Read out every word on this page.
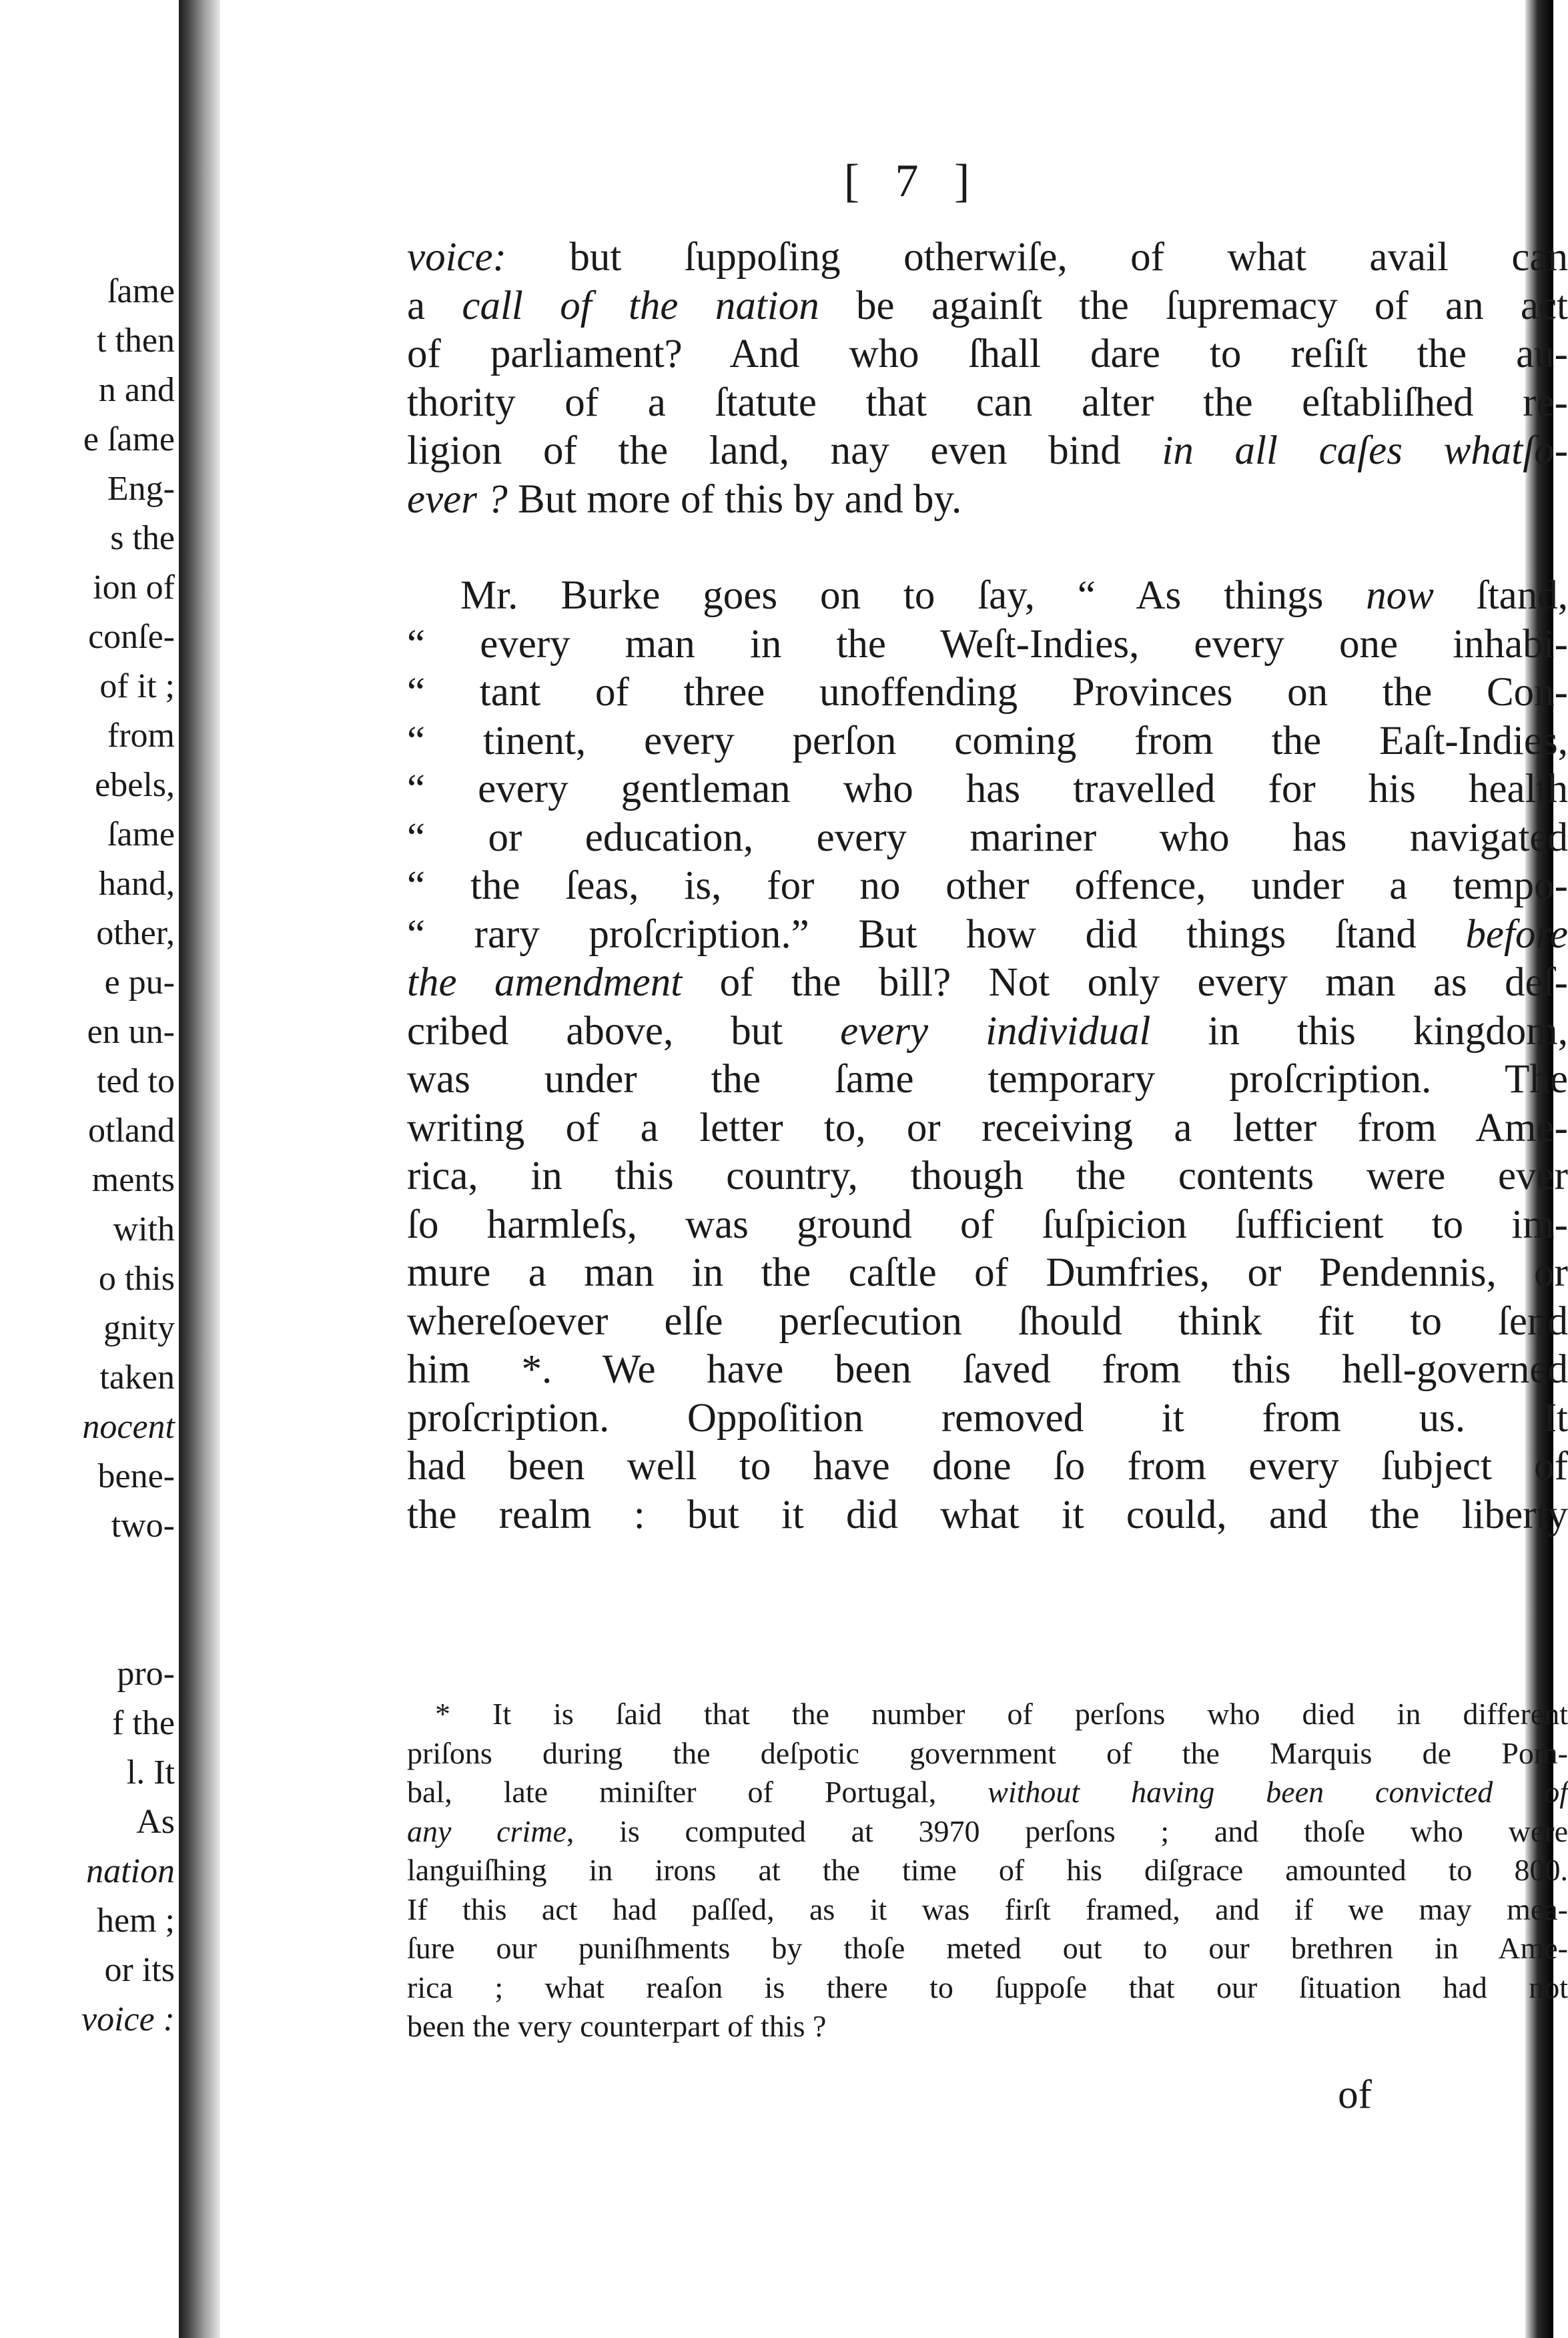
ſame
t then
n and
e ſame
Eng-
s the
ion of
conſe-
of it ;
from
ebels,
ſame
hand,
other,
e pu-
en un-
ted to
otland
ments
with
o this
gnity
taken
nocent
bene-
two-
pro-
f the
l. It
As
nation
hem ;
or its
voice :
[ 7 ]
voice: but ſuppoſing otherwiſe, of what avail can
a call of the nation be againſt the ſupremacy of an act
of parliament? And who ſhall dare to reſiſt the au-
thority of a ſtatute that can alter the eſtabliſhed re-
ligion of the land, nay even bind in all caſes whatſo-
ever ? But more of this by and by.
Mr. Burke goes on to ſay, “ As things now ſtand,
“ every man in the Weſt-Indies, every one inhabi-
“ tant of three unoffending Provinces on the Con-
“ tinent, every perſon coming from the Eaſt-Indies,
“ every gentleman who has travelled for his health
“ or education, every mariner who has navigated
“ the ſeas, is, for no other offence, under a tempo-
“ rary proſcription.” But how did things ſtand before
the amendment of the bill? Not only every man as deſ-
cribed above, but every individual in this kingdom,
was under the ſame temporary proſcription. The
writing of a letter to, or receiving a letter from Ame-
rica, in this country, though the contents were ever
ſo harmleſs, was ground of ſuſpicion ſufficient to im-
mure a man in the caſtle of Dumfries, or Pendennis, or
whereſoever elſe perſecution ſhould think fit to ſend
him *. We have been ſaved from this hell-governed
proſcription. Oppoſition removed it from us. It
had been well to have done ſo from every ſubject of
the realm : but it did what it could, and the liberty
* It is ſaid that the number of perſons who died in different
priſons during the deſpotic government of the Marquis de Pom-
bal, late miniſter of Portugal, without having been convicted of
any crime, is computed at 3970 perſons ; and thoſe who were
languiſhing in irons at the time of his diſgrace amounted to 800.
If this act had paſſed, as it was firſt framed, and if we may mea-
ſure our puniſhments by thoſe meted out to our brethren in Ame-
rica ; what reaſon is there to ſuppoſe that our ſituation had not
been the very counterpart of this ?
of
